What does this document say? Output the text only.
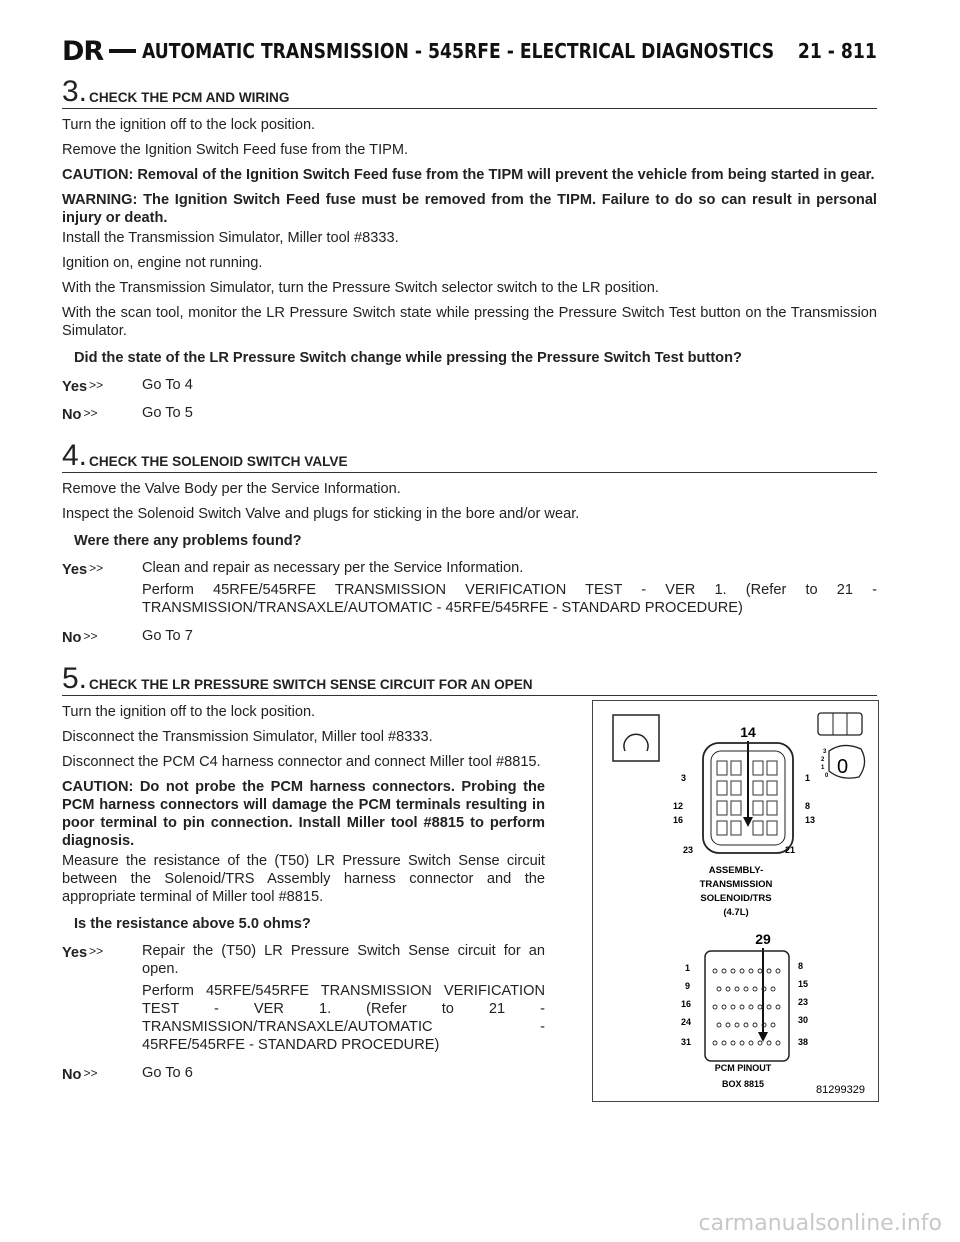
DR AUTOMATIC TRANSMISSION - 545RFE - ELECTRICAL DIAGNOSTICS 21 - 811
3. CHECK THE PCM AND WIRING

Turn the ignition off to the lock position.

Remove the Ignition Switch Feed fuse from the TIPM.

CAUTION: Removal of the Ignition Switch Feed fuse from the TIPM will prevent the vehicle from being started in gear.

WARNING: The Ignition Switch Feed fuse must be removed from the TIPM. Failure to do so can result in personal injury or death.

Install the Transmission Simulator, Miller tool #8333.

Ignition on, engine not running.

With the Transmission Simulator, turn the Pressure Switch selector switch to the LR position.

With the scan tool, monitor the LR Pressure Switch state while pressing the Pressure Switch Test button on the Transmission Simulator.

Did the state of the LR Pressure Switch change while pressing the Pressure Switch Test button?

Yes >>	Go To 4

No >>	Go To 5

4. CHECK THE SOLENOID SWITCH VALVE

Remove the Valve Body per the Service Information.

Inspect the Solenoid Switch Valve and plugs for sticking in the bore and/or wear.

Were there any problems found?

Yes >>	Clean and repair as necessary per the Service Information.

Perform 45RFE/545RFE TRANSMISSION VERIFICATION TEST - VER 1. (Refer to 21 - TRANSMISSION/TRANSAXLE/AUTOMATIC - 45RFE/545RFE - STANDARD PROCEDURE)

No >>	Go To 7

5. CHECK THE LR PRESSURE SWITCH SENSE CIRCUIT FOR AN OPEN

Turn the ignition off to the lock position.

Disconnect the Transmission Simulator, Miller tool #8333.

Disconnect the PCM C4 harness connector and connect Miller tool #8815.

CAUTION: Do not probe the PCM harness connectors. Probing the PCM harness connectors will damage the PCM terminals resulting in poor terminal to pin connection. Install Miller tool #8815 to perform diagnosis.

Measure the resistance of the (T50) LR Pressure Switch Sense circuit between the Solenoid/TRS Assembly harness connector and the appropriate terminal of Miller tool #8815.

Is the resistance above 5.0 ohms?

Yes >>	Repair the (T50) LR Pressure Switch Sense circuit for an open.

Perform 45RFE/545RFE TRANSMISSION VERIFICATION TEST - VER 1. (Refer to 21 - TRANSMISSION/TRANSAXLE/AUTOMATIC - 45RFE/545RFE - STANDARD PROCEDURE)

No >>	Go To 6

14
3
12
16
23
1
8
13
21
3
2
1
0 0
ASSEMBLY-
TRANSMISSION
SOLENOID/TRS
(4.7L)
29
1
9
16
24
31
8
15
23
30
38
PCM PINOUT
BOX 8815	81299329
carmanualsonline.info
